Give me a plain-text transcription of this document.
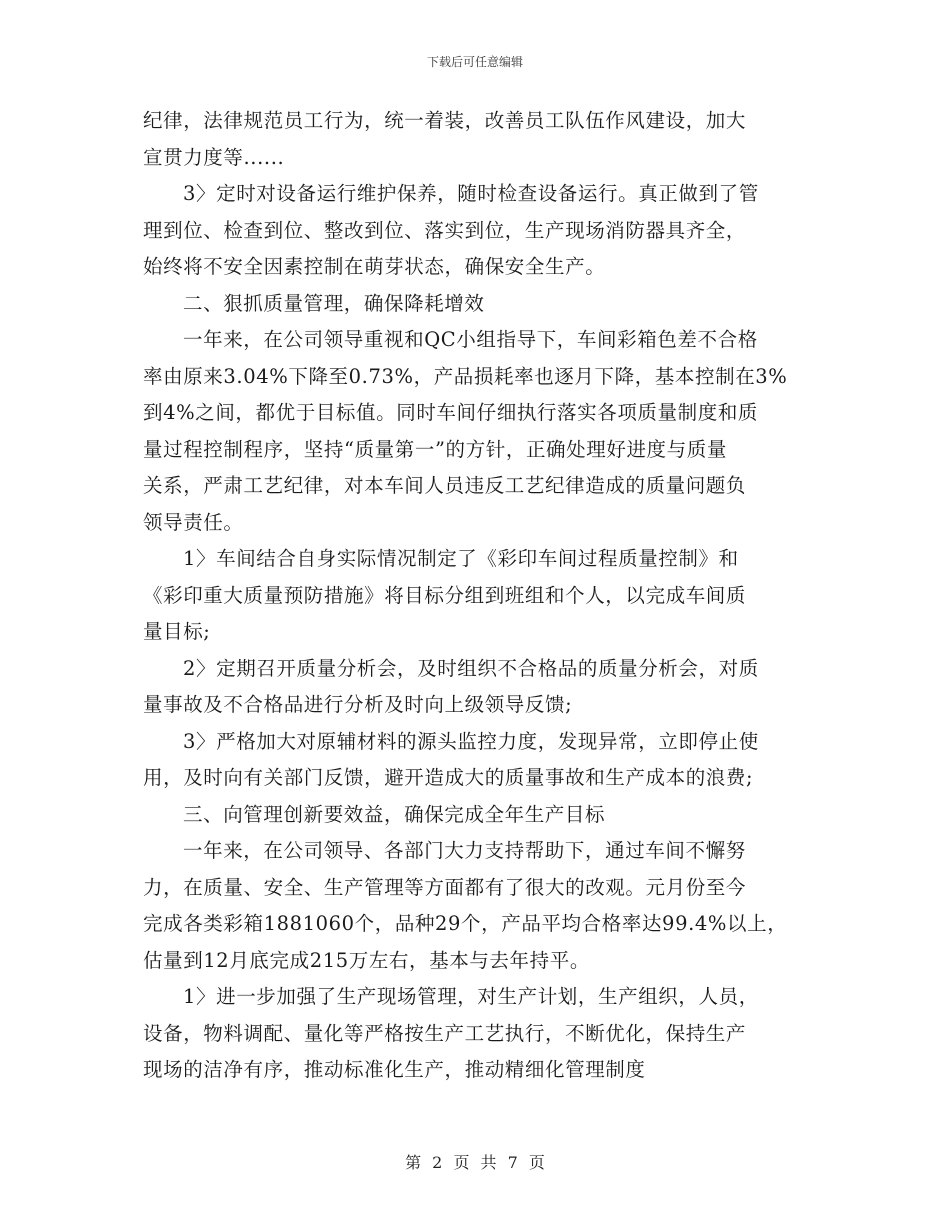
下载后可任意编辑
纪律，法律规范员工行为，统一着装，改善员工队伍作风建设，加大
宣贯力度等......
3〉定时对设备运行维护保养，随时检查设备运行。真正做到了管
理到位、检查到位、整改到位、落实到位，生产现场消防器具齐全，
始终将不安全因素控制在萌芽状态，确保安全生产。
二、狠抓质量管理，确保降耗增效
一年来，在公司领导重视和QC小组指导下，车间彩箱色差不合格
率由原来3.04%下降至0.73%，产品损耗率也逐月下降，基本控制在3%
到4%之间，都优于目标值。同时车间仔细执行落实各项质量制度和质
量过程控制程序，坚持“质量第一”的方针，正确处理好进度与质量
关系，严肃工艺纪律，对本车间人员违反工艺纪律造成的质量问题负
领导责任。
1〉车间结合自身实际情况制定了《彩印车间过程质量控制》和
《彩印重大质量预防措施》将目标分组到班组和个人，以完成车间质
量目标;
2〉定期召开质量分析会，及时组织不合格品的质量分析会，对质
量事故及不合格品进行分析及时向上级领导反馈;
3〉严格加大对原辅材料的源头监控力度，发现异常，立即停止使
用，及时向有关部门反馈，避开造成大的质量事故和生产成本的浪费;
三、向管理创新要效益，确保完成全年生产目标
一年来，在公司领导、各部门大力支持帮助下，通过车间不懈努
力，在质量、安全、生产管理等方面都有了很大的改观。元月份至今
完成各类彩箱1881060个，品种29个，产品平均合格率达99.4%以上，
估量到12月底完成215万左右，基本与去年持平。
1〉进一步加强了生产现场管理，对生产计划，生产组织，人员，
设备，物料调配、量化等严格按生产工艺执行，不断优化，保持生产
现场的洁净有序，推动标准化生产，推动精细化管理制度
第 2 页 共 7 页
